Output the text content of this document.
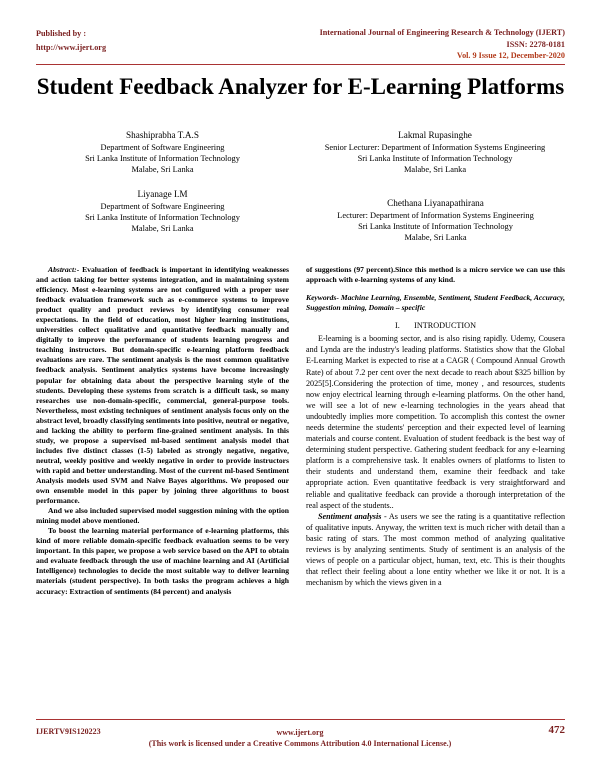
Published by :
http://www.ijert.org
International Journal of Engineering Research & Technology (IJERT)
ISSN: 2278-0181
Vol. 9 Issue 12, December-2020
Student Feedback Analyzer for E-Learning Platforms
Shashiprabha T.A.S
Department of Software Engineering
Sri Lanka Institute of Information Technology
Malabe, Sri Lanka
Liyanage I.M
Department of Software Engineering
Sri Lanka Institute of Information Technology
Malabe, Sri Lanka
Lakmal Rupasinghe
Senior Lecturer: Department of Information Systems Engineering
Sri Lanka Institute of Information Technology
Malabe, Sri Lanka
Chethana Liyanapathirana
Lecturer: Department of Information Systems Engineering
Sri Lanka Institute of Information Technology
Malabe, Sri Lanka

Abstract:- Evaluation of feedback is important in identifying weaknesses and action taking for better systems integration, and in maintaining system efficiency. Most e-learning systems are not configured with a proper user feedback evaluation framework such as e-commerce systems to improve product quality and product reviews by identifying consumer real expectations. In the field of education, most higher learning institutions, universities collect qualitative and quantitative feedback manually and digitally to improve the performance of students learning progress and teaching instructors. But domain-specific e-learning platform feedback evaluations are rare. The sentiment analysis is the most common qualitative feedback analysis. Sentiment analytics systems have become increasingly popular for obtaining data about the perspective learning style of the students. Developing these systems from scratch is a difficult task, so many researches use non-domain-specific, commercial, general-purpose tools. Nevertheless, most existing techniques of sentiment analysis focus only on the abstract level, broadly classifying sentiments into positive, neutral or negative, and lacking the ability to perform fine-grained sentiment analysis. In this study, we propose a supervised ml-based sentiment analysis model that includes five distinct classes (1-5) labeled as strongly negative, negative, neutral, weekly positive and weekly negative in order to provide instructors with rapid and better understanding. Most of the current ml-based Sentiment Analysis models used SVM and Naive Bayes algorithms. We proposed our own ensemble model in this paper by joining three algorithms to boost performance.

And we also included supervised model suggestion mining with the option mining model above mentioned.

To boost the learning material performance of e-learning platforms, this kind of more reliable domain-specific feedback evaluation seems to be very important. In this paper, we propose a web service based on the API to obtain and evaluate feedback through the use of machine learning and AI (Artificial Intelligence) technologies to decide the most suitable way to deliver learning materials (student perspective). In both tasks the program achieves a high accuracy: Extraction of sentiments (84 percent) and analysis

of suggestions (97 percent).Since this method is a micro service we can use this approach with e-learning systems of any kind.

Keywords- Machine Learning, Ensemble, Sentiment, Student Feedback, Accuracy, Suggestion mining, Domain – specific

I. INTRODUCTION

E-learning is a booming sector, and is also rising rapidly. Udemy, Cousera and Lynda are the industry's leading platforms. Statistics show that the Global E-Learning Market is expected to rise at a CAGR ( Compound Annual Growth Rate) of about 7.2 per cent over the next decade to reach about $325 billion by 2025[5].Considering the protection of time, money , and resources, students now enjoy electrical learning through e-learning platforms. On the other hand, we will see a lot of new e-learning technologies in the years ahead that undoubtedly implies more competition. To accomplish this contest the owner needs determine the students' perception and their expected level of learning materials and course content. Evaluation of student feedback is the best way of determining student perspective. Gathering student feedback for any e-learning platform is a comprehensive task. It enables owners of platforms to listen to their students and understand them, examine their feedback and take appropriate action. Even quantitative feedback is very straightforward and reliable and qualitative feedback can provide a thorough interpretation of the real aspect of the students..

Sentiment analysis - As users we see the rating is a quantitative reflection of qualitative inputs. Anyway, the written text is much richer with detail than a basic rating of stars. The most common method of analyzing qualitative reviews is by analyzing sentiments. Study of sentiment is an analysis of the views of people on a particular object, human, text, etc. This is their thoughts that reflect their feeling about a lone entity whether we like it or not. It is a mechanism by which the views given in a

IJERTV9IS120223	www.ijert.org
(This work is licensed under a Creative Commons Attribution 4.0 International License.)
472
